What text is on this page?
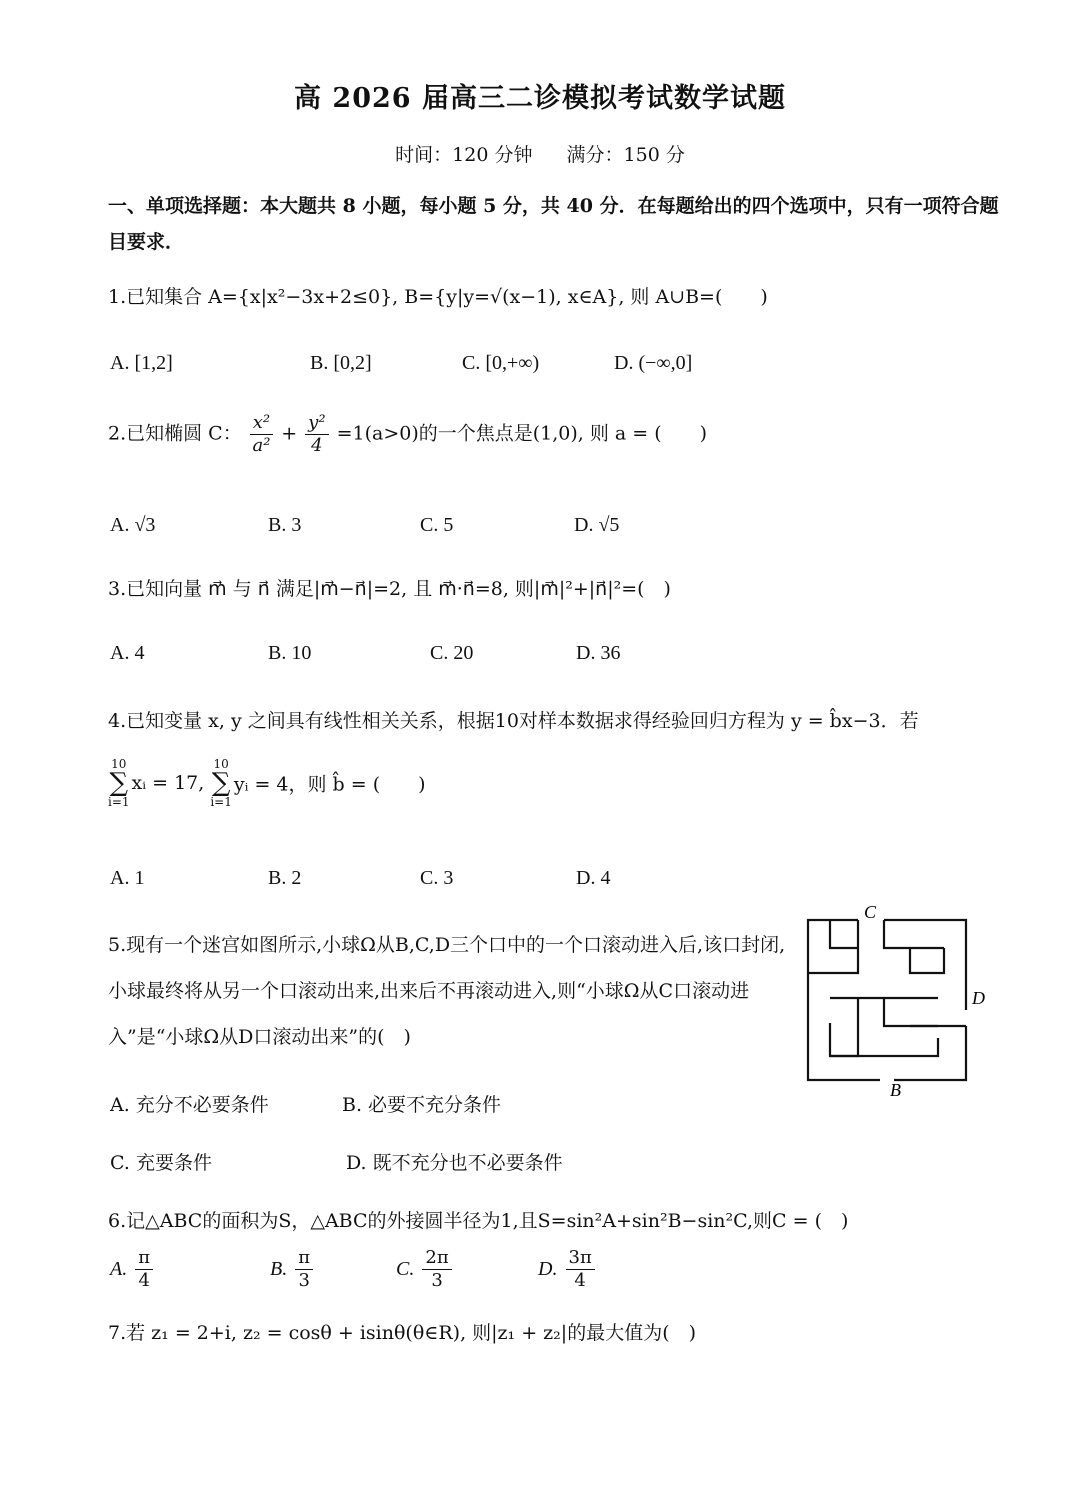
高 2026 届高三二诊模拟考试数学试题
时间：120 分钟 满分：150 分
一、单项选择题：本大题共 8 小题，每小题 5 分，共 40 分．在每题给出的四个选项中，只有一项符合题目要求．
1.已知集合 A={x|x²−3x+2≤0}, B={y|y=√(x−1), x∈A}, 则 A∪B=(　　)
A. [1,2]	B. [0,2]	C. [0,+∞)	D. (−∞,0]
2.已知椭圆 C： $\frac{\text{x²}}{\text{a²}} + \frac{\text{y²}}{4} =1(a>0)$的一个焦点是(1,0), 则 a = (　　)
A. √3	B. 3	C. 5	D. √5
3.已知向量 m⃗ 与 n⃗ 满足|m⃗−n⃗|=2, 且 m⃗·n⃗=8, 则|m⃗|²+|n⃗|²=(　)
A. 4	B. 10	C. 20	D. 36
4.已知变量 x, y 之间具有线性相关关系，根据10对样本数据求得经验回归方程为 y = b̂x−3．若
10
∑
i=1xᵢ = 17, 10
∑
i=1yᵢ = 4，则 b̂ = (　　)
A. 1	B. 2	C. 3	D. 4
5.现有一个迷宫如图所示,小球Ω从B,C,D三个口中的一个口滚动进入后,该口封闭,小球最终将从另一个口滚动出来,出来后不再滚动进入,则“小球Ω从C口滚动进入”是“小球Ω从D口滚动出来”的(　)
C
D
B
A. 充分不必要条件	B. 必要不充分条件
C. 充要条件	D. 既不充分也不必要条件
6.记△ABC的面积为S，△ABC的外接圆半径为1,且S=sin²A+sin²B−sin²C,则C = (　)
A. $\frac{\pi}{4}$	B. $\frac{\pi}{3}$	C. $\frac{2\pi}{3}$	D. $\frac{3\pi}{4}$
7.若 z₁ = 2+i, z₂ = cosθ + isinθ(θ∈R), 则|z₁ + z₂|的最大值为(　)
